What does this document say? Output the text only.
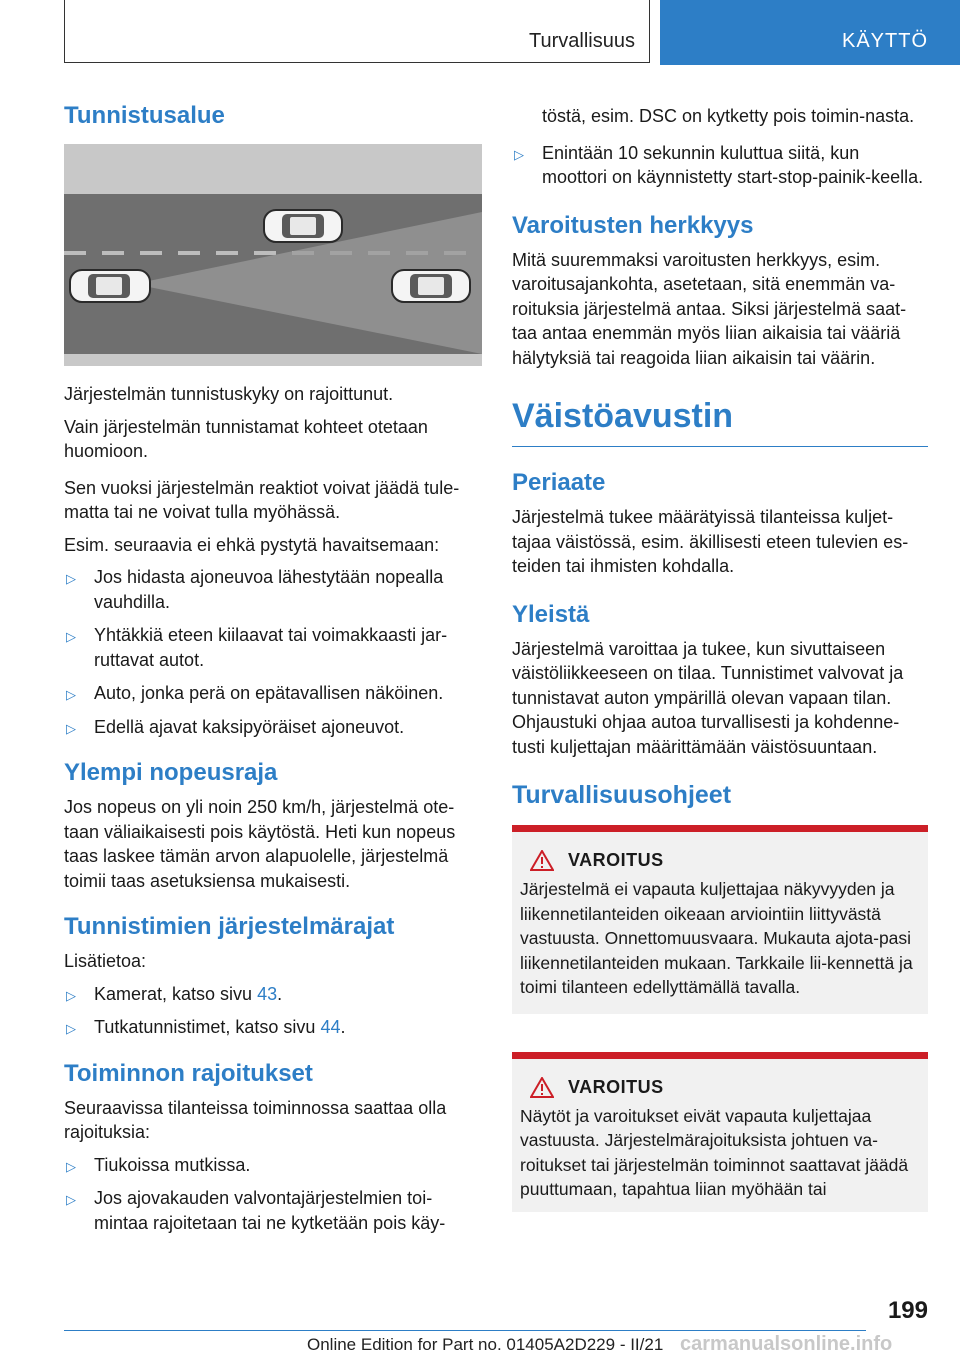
Turvallisuus	KÄYTTÖ
Tunnistusalue

Järjestelmän tunnistuskyky on rajoittunut.

Vain järjestelmän tunnistamat kohteet otetaan huomioon.

Sen vuoksi järjestelmän reaktiot voivat jäädä tule-matta tai ne voivat tulla myöhässä.

Esim. seuraavia ei ehkä pystytä havaitsemaan:

▷ Jos hidasta ajoneuvoa lähestytään nopealla vauhdilla.
▷ Yhtäkkiä eteen kiilaavat tai voimakkaasti jar-ruttavat autot.
▷ Auto, jonka perä on epätavallisen näköinen.
▷ Edellä ajavat kaksipyöräiset ajoneuvot.
Ylempi nopeusraja

Jos nopeus on yli noin 250 km/h, järjestelmä ote-taan väliaikaisesti pois käytöstä. Heti kun nopeus taas laskee tämän arvon alapuolelle, järjestelmä toimii taas asetuksiensa mukaisesti.

Tunnistimien järjestelmärajat

Lisätietoa:

▷ Kamerat, katso sivu 43.
▷ Tutkatunnistimet, katso sivu 44.
Toiminnon rajoitukset

Seuraavissa tilanteissa toiminnossa saattaa olla rajoituksia:

▷ Tiukoissa mutkissa.
▷ Jos ajovakauden valvontajärjestelmien toi-mintaa rajoitetaan tai ne kytketään pois käy-
töstä, esim. DSC on kytketty pois toimin-nasta.
▷ Enintään 10 sekunnin kuluttua siitä, kun moottori on käynnistetty start-stop-painik-keella.
Varoitusten herkkyys

Mitä suuremmaksi varoitusten herkkyys, esim. varoitusajankohta, asetetaan, sitä enemmän va-roituksia järjestelmä antaa. Siksi järjestelmä saat-taa antaa enemmän myös liian aikaisia tai vääriä hälytyksiä tai reagoida liian aikaisin tai väärin.

Väistöavustin
Periaate

Järjestelmä tukee määrätyissä tilanteissa kuljet-tajaa väistössä, esim. äkillisesti eteen tulevien es-teiden tai ihmisten kohdalla.

Yleistä

Järjestelmä varoittaa ja tukee, kun sivuttaiseen väistöliikkeeseen on tilaa. Tunnistimet valvovat ja tunnistavat auton ympärillä olevan vapaan tilan. Ohjaustuki ohjaa autoa turvallisesti ja kohdenne-tusti kuljettajan määrittämään väistösuuntaan.

Turvallisuusohjeet
VAROITUS

Järjestelmä ei vapauta kuljettajaa näkyvyyden ja liikennetilanteiden oikeaan arviointiin liittyvästä vastuusta. Onnettomuusvaara. Mukauta ajota-pasi liikennetilanteiden mukaan. Tarkkaile lii-kennettä ja toimi tilanteen edellyttämällä tavalla.

VAROITUS

Näytöt ja varoitukset eivät vapauta kuljettajaa vastuusta. Järjestelmärajoituksista johtuen va-roitukset tai järjestelmän toiminnot saattavat jäädä puuttumaan, tapahtua liian myöhään tai

199
Online Edition for Part no. 01405A2D229 - II/21 carmanualsonline.info
